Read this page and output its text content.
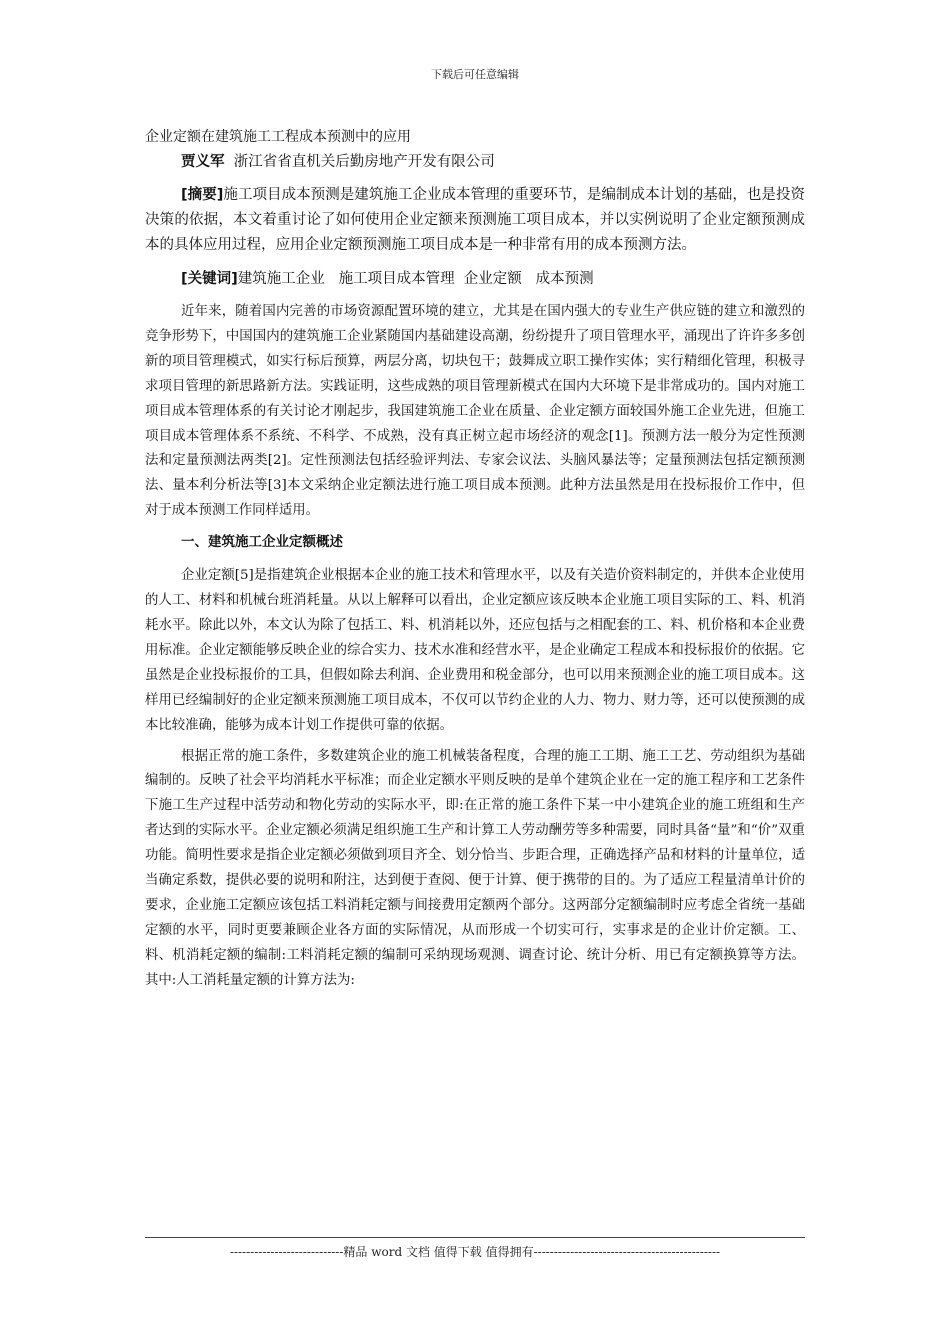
下载后可任意编辑

企业定额在建筑施工工程成本预测中的应用

贾义军 浙江省省直机关后勤房地产开发有限公司

[摘要]施工项目成本预测是建筑施工企业成本管理的重要环节，是编制成本计划的基础，也是投资决策的依据，本文着重讨论了如何使用企业定额来预测施工项目成本，并以实例说明了企业定额预测成本的具体应用过程，应用企业定额预测施工项目成本是一种非常有用的成本预测方法。

[关键词]建筑施工企业   施工项目成本管理  企业定额   成本预测

近年来，随着国内完善的市场资源配置环境的建立，尤其是在国内强大的专业生产供应链的建立和激烈的竞争形势下，中国国内的建筑施工企业紧随国内基础建设高潮，纷纷提升了项目管理水平，涌现出了许许多多创新的项目管理模式，如实行标后预算，两层分离，切块包干；鼓舞成立职工操作实体；实行精细化管理，积极寻求项目管理的新思路新方法。实践证明，这些成熟的项目管理新模式在国内大环境下是非常成功的。国内对施工项目成本管理体系的有关讨论才刚起步，我国建筑施工企业在质量、企业定额方面较国外施工企业先进，但施工项目成本管理体系不系统、不科学、不成熟，没有真正树立起市场经济的观念[1]。预测方法一般分为定性预测法和定量预测法两类[2]。定性预测法包括经验评判法、专家会议法、头脑风暴法等；定量预测法包括定额预测法、量本利分析法等[3]本文采纳企业定额法进行施工项目成本预测。此种方法虽然是用在投标报价工作中，但对于成本预测工作同样适用。

一、建筑施工企业定额概述

企业定额[5]是指建筑企业根据本企业的施工技术和管理水平，以及有关造价资料制定的，并供本企业使用的人工、材料和机械台班消耗量。从以上解释可以看出，企业定额应该反映本企业施工项目实际的工、料、机消耗水平。除此以外，本文认为除了包括工、料、机消耗以外，还应包括与之相配套的工、料、机价格和本企业费用标准。企业定额能够反映企业的综合实力、技术水准和经营水平，是企业确定工程成本和投标报价的依据。它虽然是企业投标报价的工具，但假如除去利润、企业费用和税金部分，也可以用来预测企业的施工项目成本。这样用已经编制好的企业定额来预测施工项目成本，不仅可以节约企业的人力、物力、财力等，还可以使预测的成本比较准确，能够为成本计划工作提供可靠的依据。

根据正常的施工条件，多数建筑企业的施工机械装备程度，合理的施工工期、施工工艺、劳动组织为基础编制的。反映了社会平均消耗水平标准；而企业定额水平则反映的是单个建筑企业在一定的施工程序和工艺条件下施工生产过程中活劳动和物化劳动的实际水平，即:在正常的施工条件下某一中小建筑企业的施工班组和生产者达到的实际水平。企业定额必须满足组织施工生产和计算工人劳动酬劳等多种需要，同时具备“量”和“价”双重功能。简明性要求是指企业定额必须做到项目齐全、划分恰当、步距合理，正确选择产品和材料的计量单位，适当确定系数，提供必要的说明和附注，达到便于查阅、便于计算、便于携带的目的。为了适应工程量清单计价的要求，企业施工定额应该包括工料消耗定额与间接费用定额两个部分。这两部分定额编制时应考虑全省统一基础定额的水平，同时更要兼顾企业各方面的实际情况，从而形成一个切实可行，实事求是的企业计价定额。工、料、机消耗定额的编制:工料消耗定额的编制可采纳现场观测、调查讨论、统计分析、用已有定额换算等方法。其中:人工消耗量定额的计算方法为:

----------------------------精品 word 文档 值得下载 值得拥有----------------------------------------------
